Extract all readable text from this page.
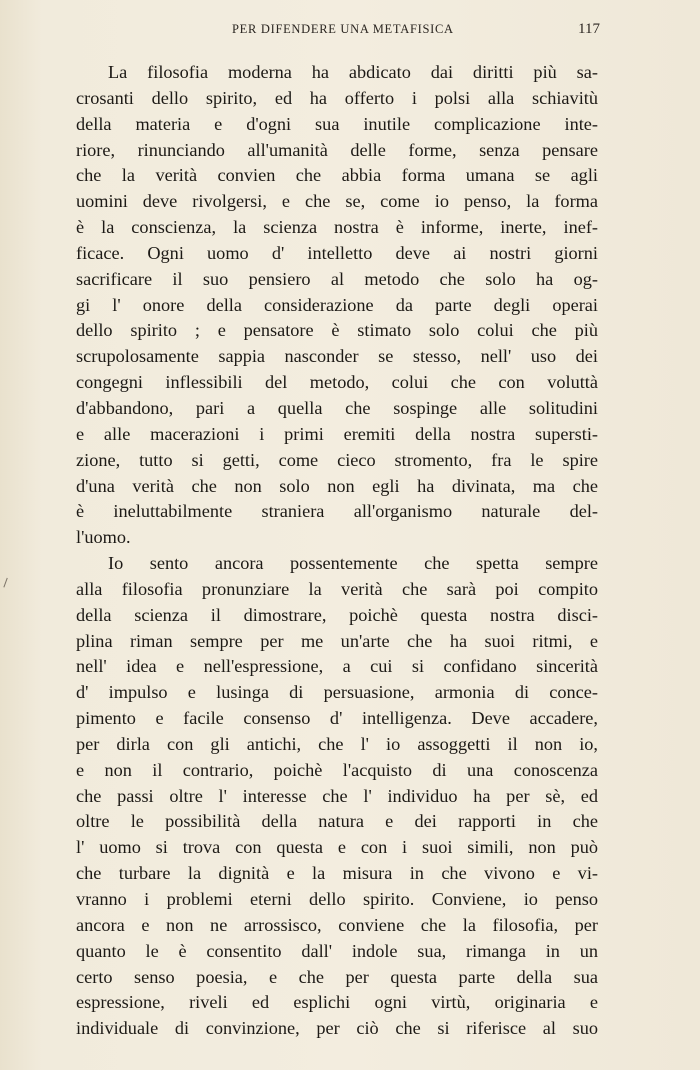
PER DIFENDERE UNA METAFISICA	117
La filosofia moderna ha abdicato dai diritti più sa-
crosanti dello spirito, ed ha offerto i polsi alla schiavitù
della materia e d'ogni sua inutile complicazione inte-
riore, rinunciando all'umanità delle forme, senza pensare
che la verità convien che abbia forma umana se agli
uomini deve rivolgersi, e che se, come io penso, la forma
è la conscienza, la scienza nostra è informe, inerte, inef-
ficace. Ogni uomo d' intelletto deve ai nostri giorni
sacrificare il suo pensiero al metodo che solo ha og-
gi l' onore della considerazione da parte degli operai
dello spirito ; e pensatore è stimato solo colui che più
scrupolosamente sappia nasconder se stesso, nell' uso dei
congegni inflessibili del metodo, colui che con voluttà
d'abbandono, pari a quella che sospinge alle solitudini
e alle macerazioni i primi eremiti della nostra supersti-
zione, tutto si getti, come cieco stromento, fra le spire
d'una verità che non solo non egli ha divinata, ma che
è ineluttabilmente straniera all'organismo naturale del-
l'uomo.
Io sento ancora possentemente che spetta sempre
alla filosofia pronunziare la verità che sarà poi compito
della scienza il dimostrare, poichè questa nostra disci-
plina riman sempre per me un'arte che ha suoi ritmi, e
nell' idea e nell'espressione, a cui si confidano sincerità
d' impulso e lusinga di persuasione, armonia di conce-
pimento e facile consenso d' intelligenza. Deve accadere,
per dirla con gli antichi, che l' io assoggetti il non io,
e non il contrario, poichè l'acquisto di una conoscenza
che passi oltre l' interesse che l' individuo ha per sè, ed
oltre le possibilità della natura e dei rapporti in che
l' uomo si trova con questa e con i suoi simili, non può
che turbare la dignità e la misura in che vivono e vi-
vranno i problemi eterni dello spirito. Conviene, io penso
ancora e non ne arrossisco, conviene che la filosofia, per
quanto le è consentito dall' indole sua, rimanga in un
certo senso poesia, e che per questa parte della sua
espressione, riveli ed esplichi ogni virtù, originaria e
individuale di convinzione, per ciò che si riferisce al suo
